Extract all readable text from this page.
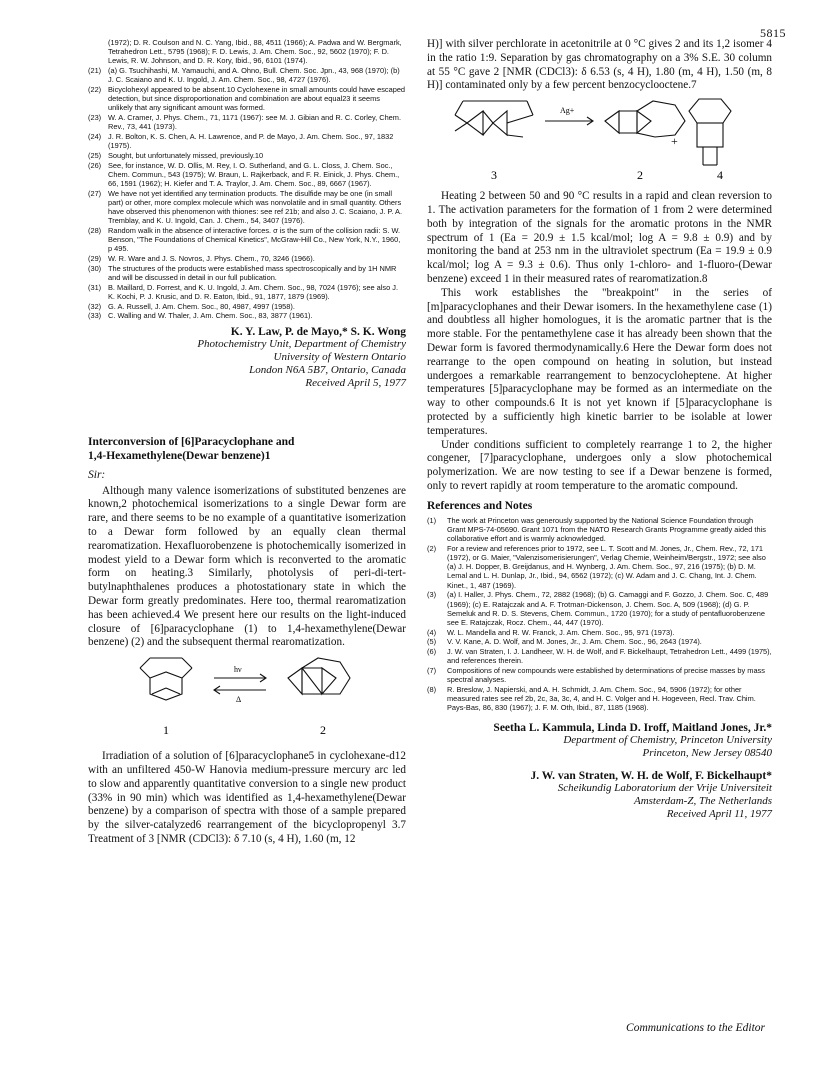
5815
(1972); D. R. Coulson and N. C. Yang, Ibid., 88, 4511 (1966); A. Padwa and W. Bergmark, Tetrahedron Lett., 5795 (1968); F. D. Lewis, J. Am. Chem. Soc., 92, 5602 (1970); F. D. Lewis, R. W. Johnson, and D. R. Kory, Ibid., 96, 6101 (1974).
(21) (a) G. Tsuchihashi, M. Yamauchi, and A. Ohno, Bull. Chem. Soc. Jpn., 43, 968 (1970); (b) J. C. Scaiano and K. U. Ingold, J. Am. Chem. Soc., 98, 4727 (1976).
(22) Bicyclohexyl appeared to be absent.10 Cyclohexene in small amounts could have escaped detection, but since disproportionation and combination are about equal23 it seems unlikely that any significant amount was formed.
(23) W. A. Cramer, J. Phys. Chem., 71, 1171 (1967): see M. J. Gibian and R. C. Corley, Chem. Rev., 73, 441 (1973).
(24) J. R. Bolton, K. S. Chen, A. H. Lawrence, and P. de Mayo, J. Am. Chem. Soc., 97, 1832 (1975).
(25) Sought, but unfortunately missed, previously.10
(26) See, for instance, W. D. Ollis, M. Rey, I. O. Sutherland, and G. L. Closs, J. Chem. Soc., Chem. Commun., 543 (1975); W. Braun, L. Rajkerback, and F. R. Einick, J. Phys. Chem., 66, 1591 (1962); H. Kiefer and T. A. Traylor, J. Am. Chem. Soc., 89, 6667 (1967).
(27) We have not yet identified any termination products. The disulfide may be one (in small part) or other, more complex molecule which was nonvolatile and in small quantity. Others have observed this phenomenon with thiones: see ref 21b; and also J. C. Scaiano, J. P. A. Tremblay, and K. U. Ingold, Can. J. Chem., 54, 3407 (1976).
(28) Random walk in the absence of interactive forces. σ is the sum of the collision radii: S. W. Benson, "The Foundations of Chemical Kinetics", McGraw-Hill Co., New York, N.Y., 1960, p 495.
(29) W. R. Ware and J. S. Novros, J. Phys. Chem., 70, 3246 (1966).
(30) The structures of the products were established mass spectroscopically and by 1H NMR and will be discussed in detail in our full publication.
(31) B. Maillard, D. Forrest, and K. U. Ingold, J. Am. Chem. Soc., 98, 7024 (1976); see also J. K. Kochi, P. J. Krusic, and D. R. Eaton, Ibid., 91, 1877, 1879 (1969).
(32) G. A. Russell, J. Am. Chem. Soc., 80, 4987, 4997 (1958).
(33) C. Walling and W. Thaler, J. Am. Chem. Soc., 83, 3877 (1961).
K. Y. Law, P. de Mayo,* S. K. Wong
Photochemistry Unit, Department of Chemistry
University of Western Ontario
London N6A 5B7, Ontario, Canada
Received April 5, 1977
Interconversion of [6]Paracyclophane and
1,4-Hexamethylene(Dewar benzene)1
Sir:

Although many valence isomerizations of substituted benzenes are known,2 photochemical isomerizations to a single Dewar form are rare, and there seems to be no example of a quantitative isomerization to a Dewar form followed by an equally clean thermal rearomatization. Hexafluorobenzene is photochemically isomerized in modest yield to a Dewar form which is reconverted to the aromatic form on heating.3 Similarly, photolysis of peri-di-tert-butylnaphthalenes produces a photostationary state in which the Dewar form greatly predominates. Here too, thermal rearomatization has been achieved.4 We present here our results on the light-induced closure of [6]paracyclophane (1) to 1,4-hexamethylene(Dewar benzene) (2) and the subsequent thermal rearomatization.

hν
Δ
1	2

Irradiation of a solution of [6]paracyclophane5 in cyclohexane-d12 with an unfiltered 450-W Hanovia medium-pressure mercury arc led to slow and apparently quantitative conversion to a single new product (33% in 90 min) which was identified as 1,4-hexamethylene(Dewar benzene) by a comparison of spectra with those of a sample prepared by the silver-catalyzed6 rearrangement of the bicyclopropenyl 3.7 Treatment of 3 [NMR (CDCl3): δ 7.10 (s, 4 H), 1.60 (m, 12

H)] with silver perchlorate in acetonitrile at 0 °C gives 2 and its 1,2 isomer 4 in the ratio 1:9. Separation by gas chromatography on a 3% S.E. 30 column at 55 °C gave 2 [NMR (CDCl3): δ 6.53 (s, 4 H), 1.80 (m, 4 H), 1.50 (m, 8 H)] contaminated only by a few percent benzocyclooctene.7

Ag+
+
3	2	4

Heating 2 between 50 and 90 °C results in a rapid and clean reversion to 1. The activation parameters for the formation of 1 from 2 were determined both by integration of the signals for the aromatic protons in the NMR spectrum of 1 (Ea = 20.9 ± 1.5 kcal/mol; log A = 9.8 ± 0.9) and by monitoring the band at 253 nm in the ultraviolet spectrum (Ea = 19.9 ± 0.9 kcal/mol; log A = 9.3 ± 0.6). Thus only 1-chloro- and 1-fluoro-(Dewar benzene) exceed 1 in their measured rates of rearomatization.8

This work establishes the "breakpoint" in the series of [m]paracyclophanes and their Dewar isomers. In the hexamethylene case (1) and doubtless all higher homologues, it is the aromatic partner that is the more stable. For the pentamethylene case it has already been shown that the Dewar form is favored thermodynamically.6 Here the Dewar form does not rearrange to the open compound on heating in solution, but instead undergoes a remarkable rearrangement to benzocycloheptene. At higher temperatures [5]paracyclophane may be formed as an intermediate on the way to other compounds.6 It is not yet known if [5]paracyclophane is protected by a sufficiently high kinetic barrier to be isolable at lower temperatures.

Under conditions sufficient to completely rearrange 1 to 2, the higher congener, [7]paracyclophane, undergoes only a slow photochemical polymerization. We are now testing to see if a Dewar benzene is formed, only to revert rapidly at room temperature to the aromatic compound.

References and Notes
(1)	The work at Princeton was generously supported by the National Science Foundation through Grant MPS-74-05690. Grant 1071 from the NATO Research Grants Programme greatly aided this collaborative effort and is warmly acknowledged.
(2)	For a review and references prior to 1972, see L. T. Scott and M. Jones, Jr., Chem. Rev., 72, 171 (1972), or G. Maier, "Valenzisomerisierungen", Verlag Chemie, Weinheim/Bergstr., 1972; see also (a) J. H. Dopper, B. Greijdanus, and H. Wynberg, J. Am. Chem. Soc., 97, 216 (1975); (b) D. M. Lemal and L. H. Dunlap, Jr., Ibid., 94, 6562 (1972); (c) W. Adam and J. C. Chang, Int. J. Chem. Kinet., 1, 487 (1969).
(3)	(a) I. Haller, J. Phys. Chem., 72, 2882 (1968); (b) G. Camaggi and F. Gozzo, J. Chem. Soc. C, 489 (1969); (c) E. Ratajczak and A. F. Trotman-Dickenson, J. Chem. Soc. A, 509 (1968); (d) G. P. Semeluk and R. D. S. Stevens, Chem. Commun., 1720 (1970); for a study of pentafluorobenzene see E. Ratajczak, Rocz. Chem., 44, 447 (1970).
(4)	W. L. Mandella and R. W. Franck, J. Am. Chem. Soc., 95, 971 (1973).
(5)	V. V. Kane, A. D. Wolf, and M. Jones, Jr., J. Am. Chem. Soc., 96, 2643 (1974).
(6)	J. W. van Straten, I. J. Landheer, W. H. de Wolf, and F. Bickelhaupt, Tetrahedron Lett., 4499 (1975), and references therein.
(7)	Compositions of new compounds were established by determinations of precise masses by mass spectral analyses.
(8)	R. Breslow, J. Napierski, and A. H. Schmidt, J. Am. Chem. Soc., 94, 5906 (1972); for other measured rates see ref 2b, 2c, 3a, 3c, 4, and H. C. Volger and H. Hogeveen, Recl. Trav. Chim. Pays-Bas, 86, 830 (1967); J. F. M. Oth, Ibid., 87, 1185 (1968).
Seetha L. Kammula, Linda D. Iroff, Maitland Jones, Jr.*
Department of Chemistry, Princeton University
Princeton, New Jersey 08540
J. W. van Straten, W. H. de Wolf, F. Bickelhaupt*
Scheikundig Laboratorium der Vrije Universiteit
Amsterdam-Z, The Netherlands
Received April 11, 1977
Communications to the Editor
